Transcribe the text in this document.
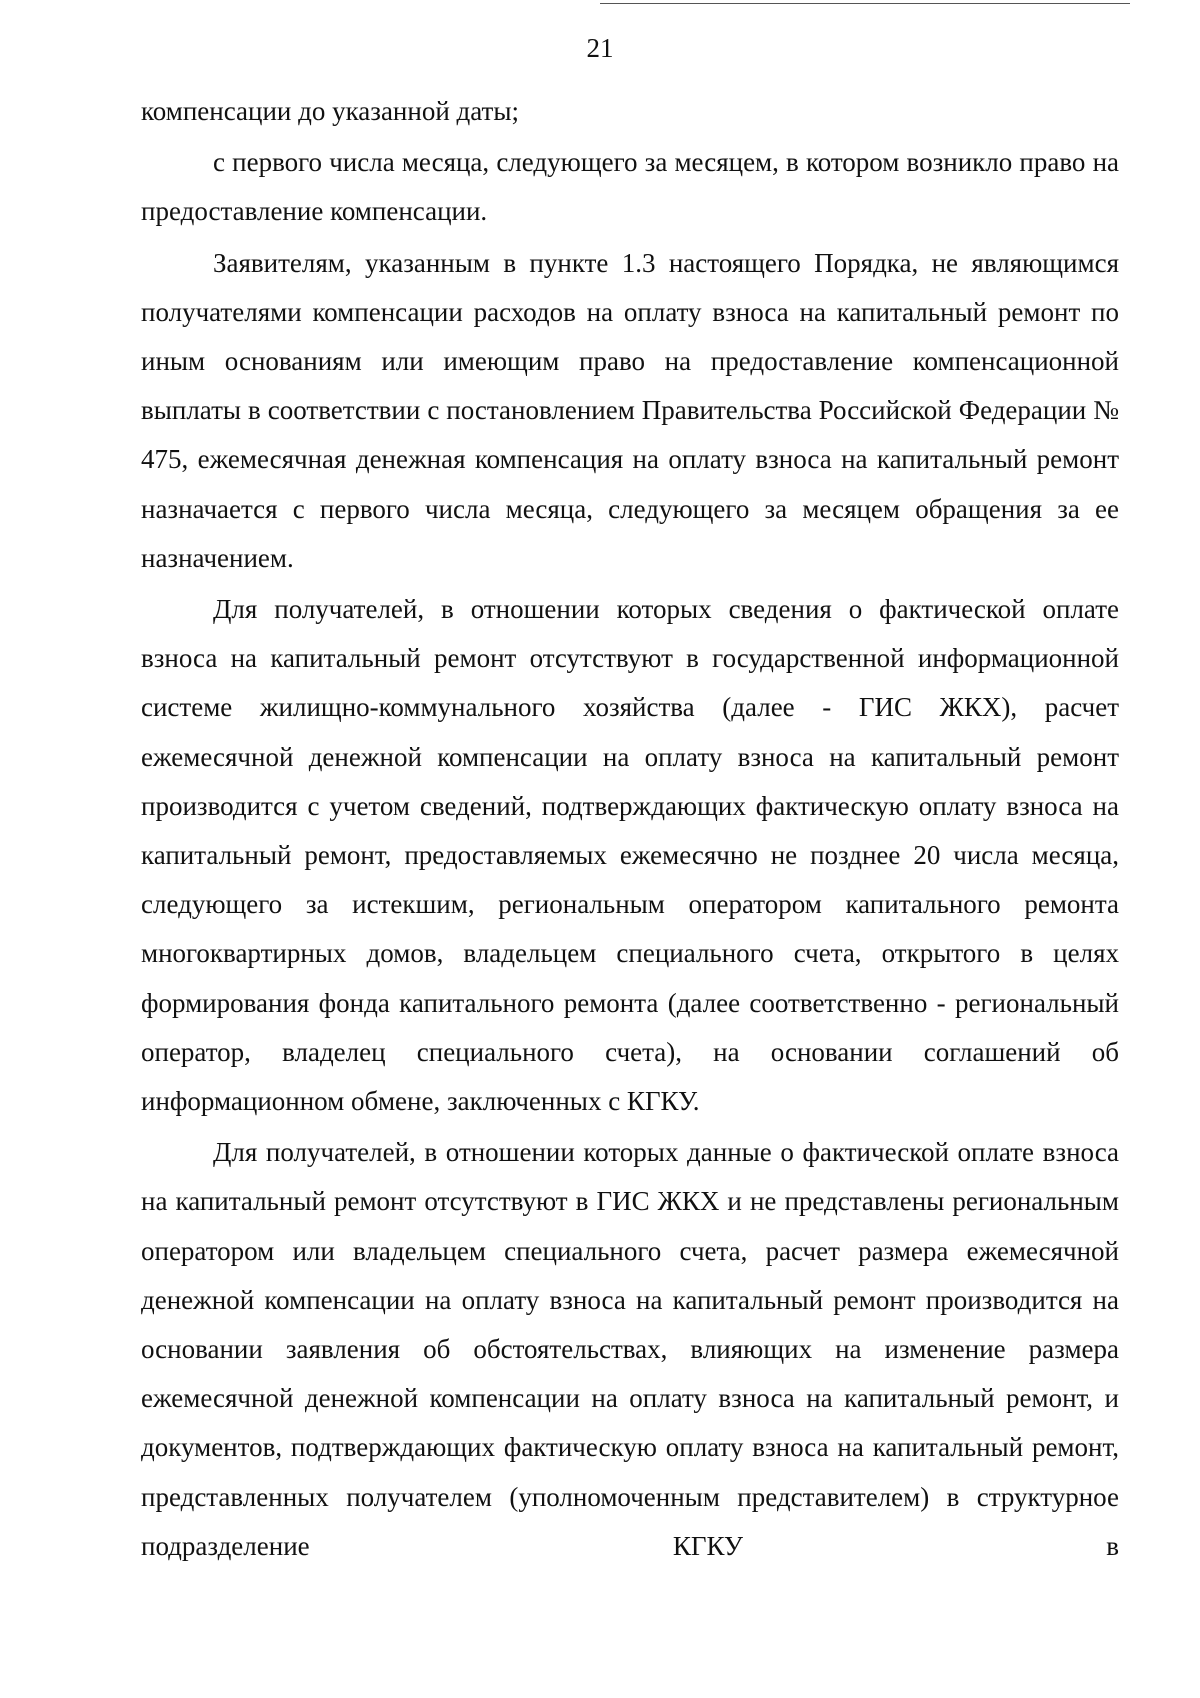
21

компенсации до указанной даты;

с первого числа месяца, следующего за месяцем, в котором возникло право на предоставление компенсации.

Заявителям, указанным в пункте 1.3 настоящего Порядка, не являющимся получателями компенсации расходов на оплату взноса на капитальный ремонт по иным основаниям или имеющим право на предоставление компенсационной выплаты в соответствии с постановлением Правительства Российской Федерации № 475, ежемесячная денежная компенсация на оплату взноса на капитальный ремонт назначается с первого числа месяца, следующего за месяцем обращения за ее назначением.

Для получателей, в отношении которых сведения о фактической оплате взноса на капитальный ремонт отсутствуют в государственной информационной системе жилищно-коммунального хозяйства (далее - ГИС ЖКХ), расчет ежемесячной денежной компенсации на оплату взноса на капитальный ремонт производится с учетом сведений, подтверждающих фактическую оплату взноса на капитальный ремонт, предоставляемых ежемесячно не позднее 20 числа месяца, следующего за истекшим, региональным оператором капитального ремонта многоквартирных домов, владельцем специального счета, открытого в целях формирования фонда капитального ремонта (далее соответственно - региональный оператор, владелец специального счета), на основании соглашений об информационном обмене, заключенных с КГКУ.

Для получателей, в отношении которых данные о фактической оплате взноса на капитальный ремонт отсутствуют в ГИС ЖКХ и не представлены региональным оператором или владельцем специального счета, расчет размера ежемесячной денежной компенсации на оплату взноса на капитальный ремонт производится на основании заявления об обстоятельствах, влияющих на изменение размера ежемесячной денежной компенсации на оплату взноса на капитальный ремонт, и документов, подтверждающих фактическую оплату взноса на капитальный ремонт, представленных получателем (уполномоченным представителем) в структурное подразделение КГКУ в
